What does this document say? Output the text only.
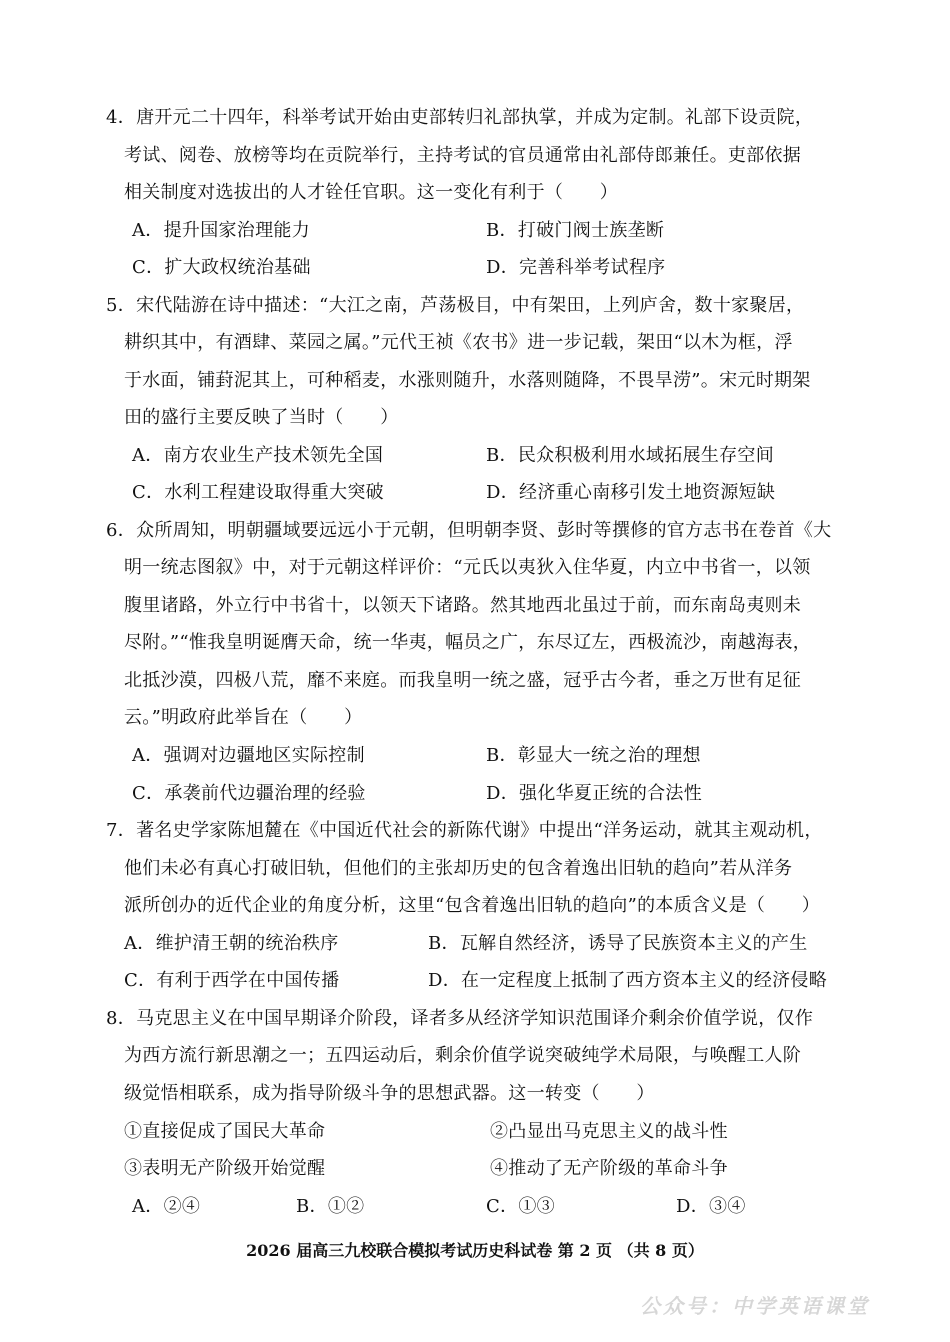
4．唐开元二十四年，科举考试开始由吏部转归礼部执掌，并成为定制。礼部下设贡院，
考试、阅卷、放榜等均在贡院举行，主持考试的官员通常由礼部侍郎兼任。吏部依据
相关制度对选拔出的人才铨任官职。这一变化有利于（　　）
A．提升国家治理能力	B．打破门阀士族垄断
C．扩大政权统治基础	D．完善科举考试程序
5．宋代陆游在诗中描述：“大江之南，芦荡极目，中有架田，上列庐舍，数十家聚居，
耕织其中，有酒肆、菜园之属。”元代王祯《农书》进一步记载，架田“以木为框，浮
于水面，铺葑泥其上，可种稻麦，水涨则随升，水落则随降，不畏旱涝”。宋元时期架
田的盛行主要反映了当时（　　）
A．南方农业生产技术领先全国	B．民众积极利用水域拓展生存空间
C．水利工程建设取得重大突破	D．经济重心南移引发土地资源短缺
6．众所周知，明朝疆域要远远小于元朝，但明朝李贤、彭时等撰修的官方志书在卷首《大
明一统志图叙》中，对于元朝这样评价：“元氏以夷狄入住华夏，内立中书省一，以领
腹里诸路，外立行中书省十，以领天下诸路。然其地西北虽过于前，而东南岛夷则未
尽附。”“惟我皇明诞膺天命，统一华夷，幅员之广，东尽辽左，西极流沙，南越海表，
北抵沙漠，四极八荒，靡不来庭。而我皇明一统之盛，冠乎古今者，垂之万世有足征
云。”明政府此举旨在（　　）
A．强调对边疆地区实际控制	B．彰显大一统之治的理想
C．承袭前代边疆治理的经验	D．强化华夏正统的合法性
7．著名史学家陈旭麓在《中国近代社会的新陈代谢》中提出“洋务运动，就其主观动机，
他们未必有真心打破旧轨，但他们的主张却历史的包含着逸出旧轨的趋向”若从洋务
派所创办的近代企业的角度分析，这里“包含着逸出旧轨的趋向”的本质含义是（　　）
A．维护清王朝的统治秩序	B．瓦解自然经济，诱导了民族资本主义的产生
C．有利于西学在中国传播	D．在一定程度上抵制了西方资本主义的经济侵略
8．马克思主义在中国早期译介阶段，译者多从经济学知识范围译介剩余价值学说，仅作
为西方流行新思潮之一；五四运动后，剩余价值学说突破纯学术局限，与唤醒工人阶
级觉悟相联系，成为指导阶级斗争的思想武器。这一转变（　　）
①直接促成了国民大革命	②凸显出马克思主义的战斗性
③表明无产阶级开始觉醒	④推动了无产阶级的革命斗争
A．②④	B．①②	C．①③	D．③④
2026 届高三九校联合模拟考试历史科试卷 第 2 页 （共 8 页）
公众号：中学英语课堂
